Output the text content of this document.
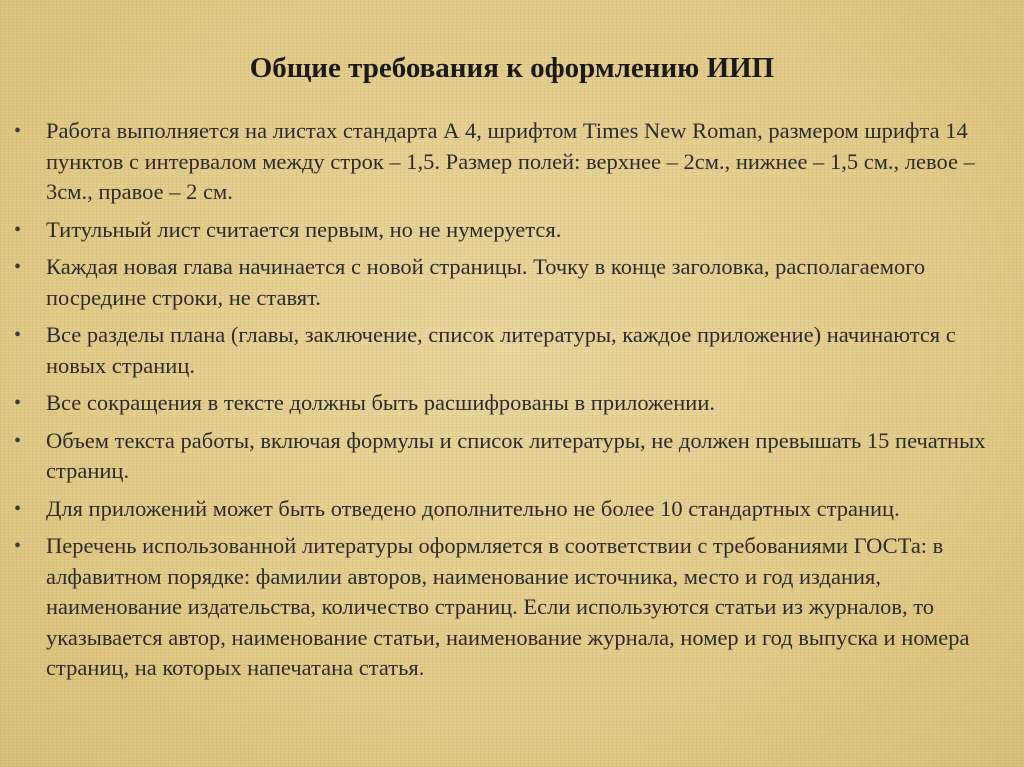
Общие требования к оформлению ИИП
•	Работа выполняется на листах стандарта А 4, шрифтом Times New Roman, размером шрифта 14 пунктов с интервалом между строк – 1,5. Размер полей: верхнее – 2см., нижнее – 1,5 см., левое – 3см., правое – 2 см.
•	Титульный лист считается первым, но не нумеруется.
•	Каждая новая глава начинается с новой страницы. Точку в конце заголовка, располагаемого посредине строки, не ставят.
•	Все разделы плана (главы, заключение, список литературы, каждое приложение) начинаются с новых страниц.
•	Все сокращения в тексте должны быть расшифрованы в приложении.
•	Объем текста работы, включая формулы и список литературы, не должен превышать 15 печатных страниц.
•	Для приложений может быть отведено дополнительно не более 10 стандартных страниц.
•	Перечень использованной литературы оформляется в соответствии с требованиями ГОСТа: в алфавитном порядке: фамилии авторов, наименование источника, место и год издания, наименование издательства, количество страниц. Если используются статьи из журналов, то указывается автор, наименование статьи, наименование журнала, номер и год выпуска и номера страниц, на которых напечатана статья.
